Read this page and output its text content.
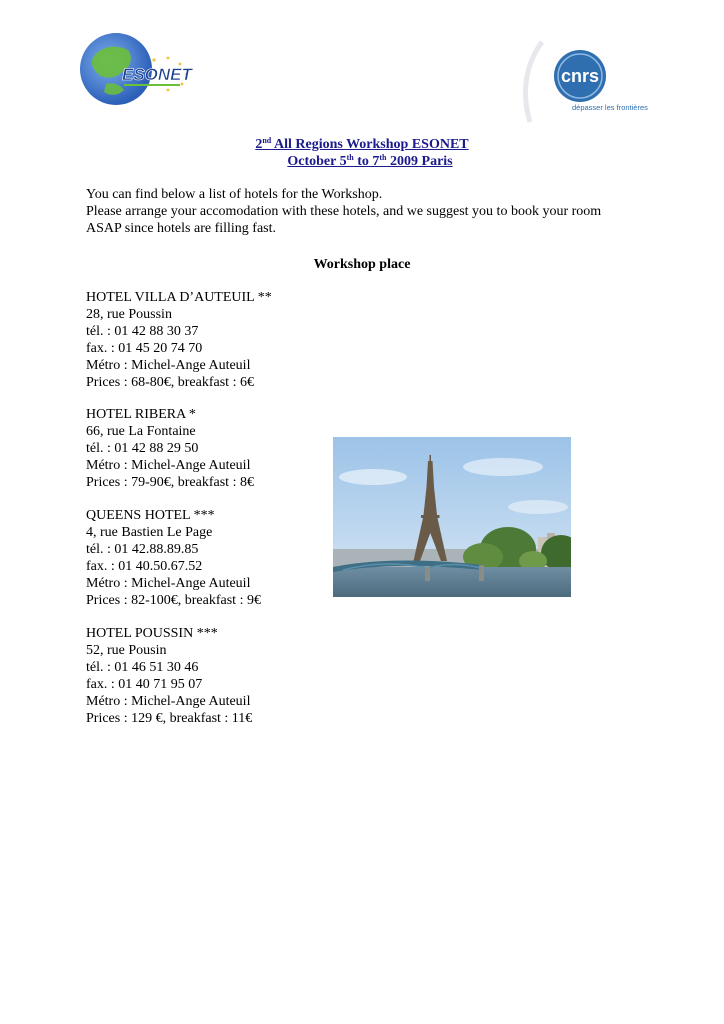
ESONET	cnrs
dépasser les frontières
2nd All Regions Workshop ESONET
October 5th to 7th 2009 Paris
You can find below a list of hotels for the Workshop.
Please arrange your accomodation with these hotels, and we suggest you to book your room
ASAP since hotels are filling fast.
Workshop place
HOTEL VILLA D’AUTEUIL **
28, rue Poussin
tél. : 01 42 88 30 37
fax. : 01 45 20 74 70
Métro : Michel-Ange Auteuil
Prices : 68-80€, breakfast : 6€
HOTEL RIBERA *
66, rue La Fontaine
tél. : 01 42 88 29 50
Métro : Michel-Ange Auteuil
Prices : 79-90€, breakfast : 8€
QUEENS HOTEL ***
4, rue Bastien Le Page
tél. : 01 42.88.89.85
fax. : 01 40.50.67.52
Métro : Michel-Ange Auteuil
Prices : 82-100€, breakfast : 9€
HOTEL POUSSIN ***
52, rue Pousin
tél. : 01 46 51 30 46
fax. : 01 40 71 95 07
Métro : Michel-Ange Auteuil
Prices : 129 €, breakfast : 11€
